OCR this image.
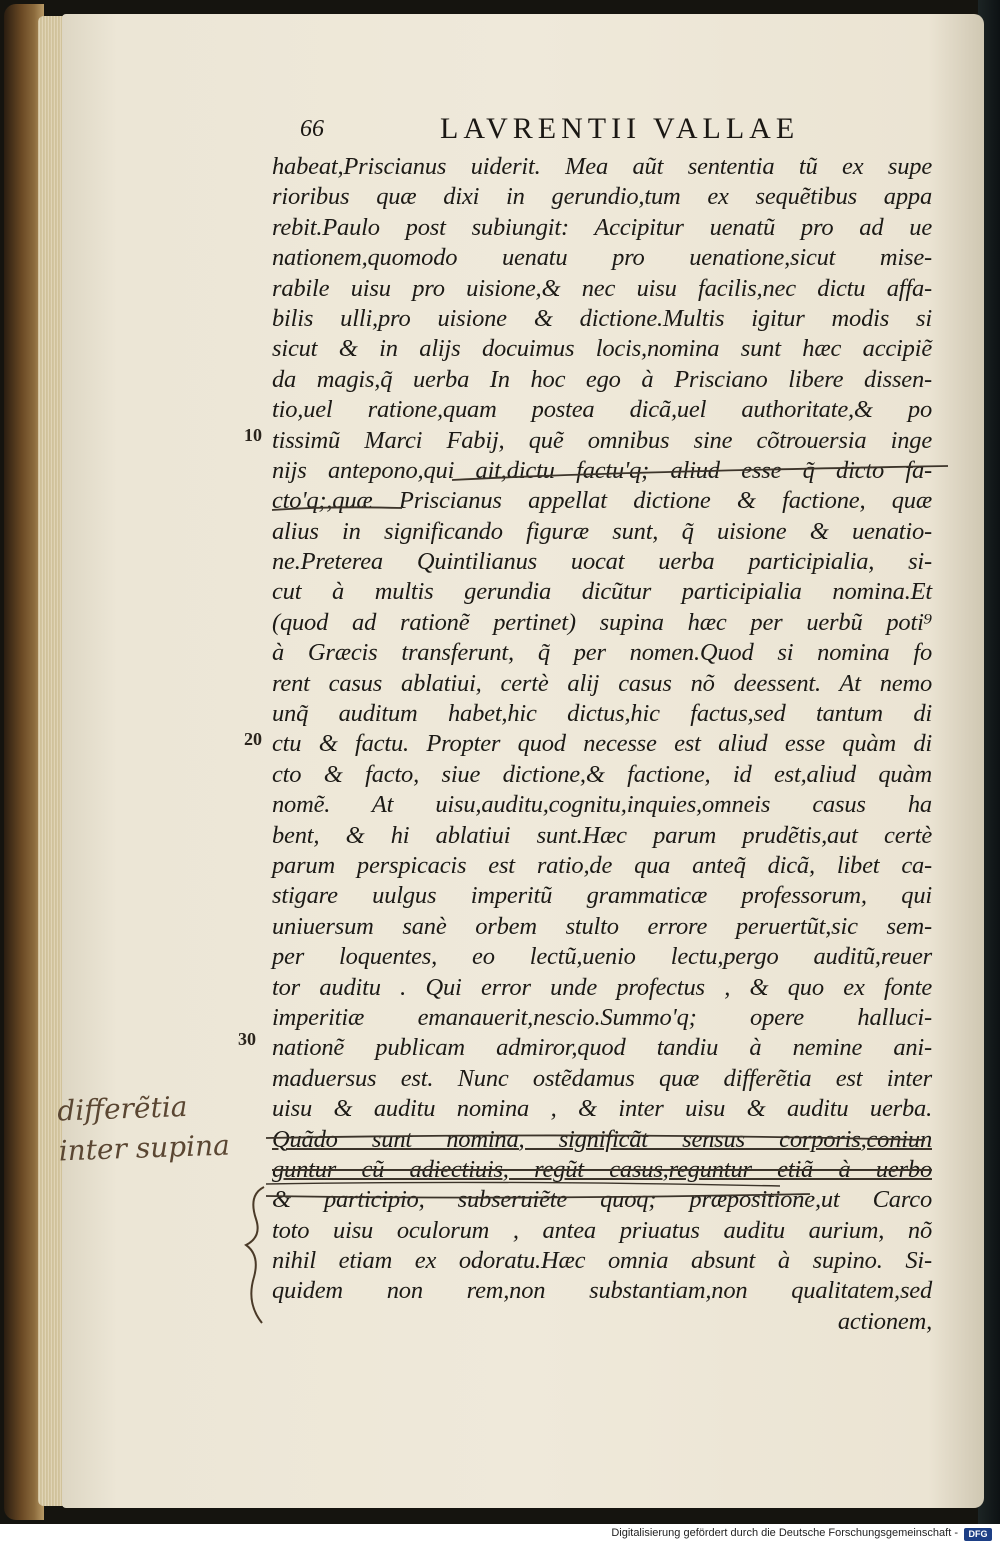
66	LAVRENTII VALLAE
10
20
30
habeat,Priscianus uiderit. Mea aũt sententia tũ ex supe
rioribus quæ dixi in gerundio,tum ex sequẽtibus appa
rebit.Paulo post subiungit: Accipitur uenatũ pro ad ue
nationem,quomodo uenatu pro uenatione,sicut mise-
rabile uisu pro uisione,& nec uisu facilis,nec dictu affa-
bilis ulli,pro uisione & dictione.Multis igitur modis si
sicut & in alijs docuimus locis,nomina sunt hæc accipiẽ
da magis,q̃ uerba In hoc ego à Prisciano libere dissen-
tio,uel ratione,quam postea dicã,uel authoritate,& po
tissimũ Marci Fabij, quẽ omnibus sine cõtrouersia inge
nijs antepono,qui ait,dictu factu'q; aliud esse q̃ dicto fa-
cto'q;,quæ Priscianus appellat dictione & factione, quæ
alius in significando figuræ sunt, q̃ uisione & uenatio-
ne.Preterea Quintilianus uocat uerba participialia, si-
cut à multis gerundia dicũtur participialia nomina.Et
(quod ad rationẽ pertinet) supina hæc per uerbũ poti⁹
à Græcis transferunt, q̃ per nomen.Quod si nomina fo
rent casus ablatiui, certè alij casus nõ deessent. At nemo
unq̃ auditum habet,hic dictus,hic factus,sed tantum di
ctu & factu. Propter quod necesse est aliud esse quàm di
cto & facto, siue dictione,& factione, id est,aliud quàm
nomẽ. At uisu,auditu,cognitu,inquies,omneis casus ha
bent, & hi ablatiui sunt.Hæc parum prudẽtis,aut certè
parum perspicacis est ratio,de qua anteq̃ dicã, libet ca-
stigare uulgus imperitũ grammaticæ professorum, qui
uniuersum sanè orbem stulto errore peruertũt,sic sem-
per loquentes, eo lectũ,uenio lectu,pergo auditũ,reuer
tor auditu . Qui error unde profectus , & quo ex fonte
imperitiæ emanauerit,nescio.Summo'q; opere halluci-
nationẽ publicam admiror,quod tandiu à nemine ani-
maduersus est. Nunc ostẽdamus quæ differẽtia est inter
uisu & auditu nomina , & inter uisu & auditu uerba.
Quãdo sunt nomina, significãt sensus corporis,coniun
guntur cũ adiectiuis, regũt casus,reguntur etiã à uerbo
& participio, subseruiẽte quoq; præpositione,ut Carco
toto uisu oculorum , antea priuatus auditu aurium, nõ
nihil etiam ex odoratu.Hæc omnia absunt à supino. Si-
quidem non rem,non substantiam,non qualitatem,sed
actionem,
differẽtia
inter supina
Digitalisierung gefördert durch die Deutsche Forschungsgemeinschaft -	DFG
